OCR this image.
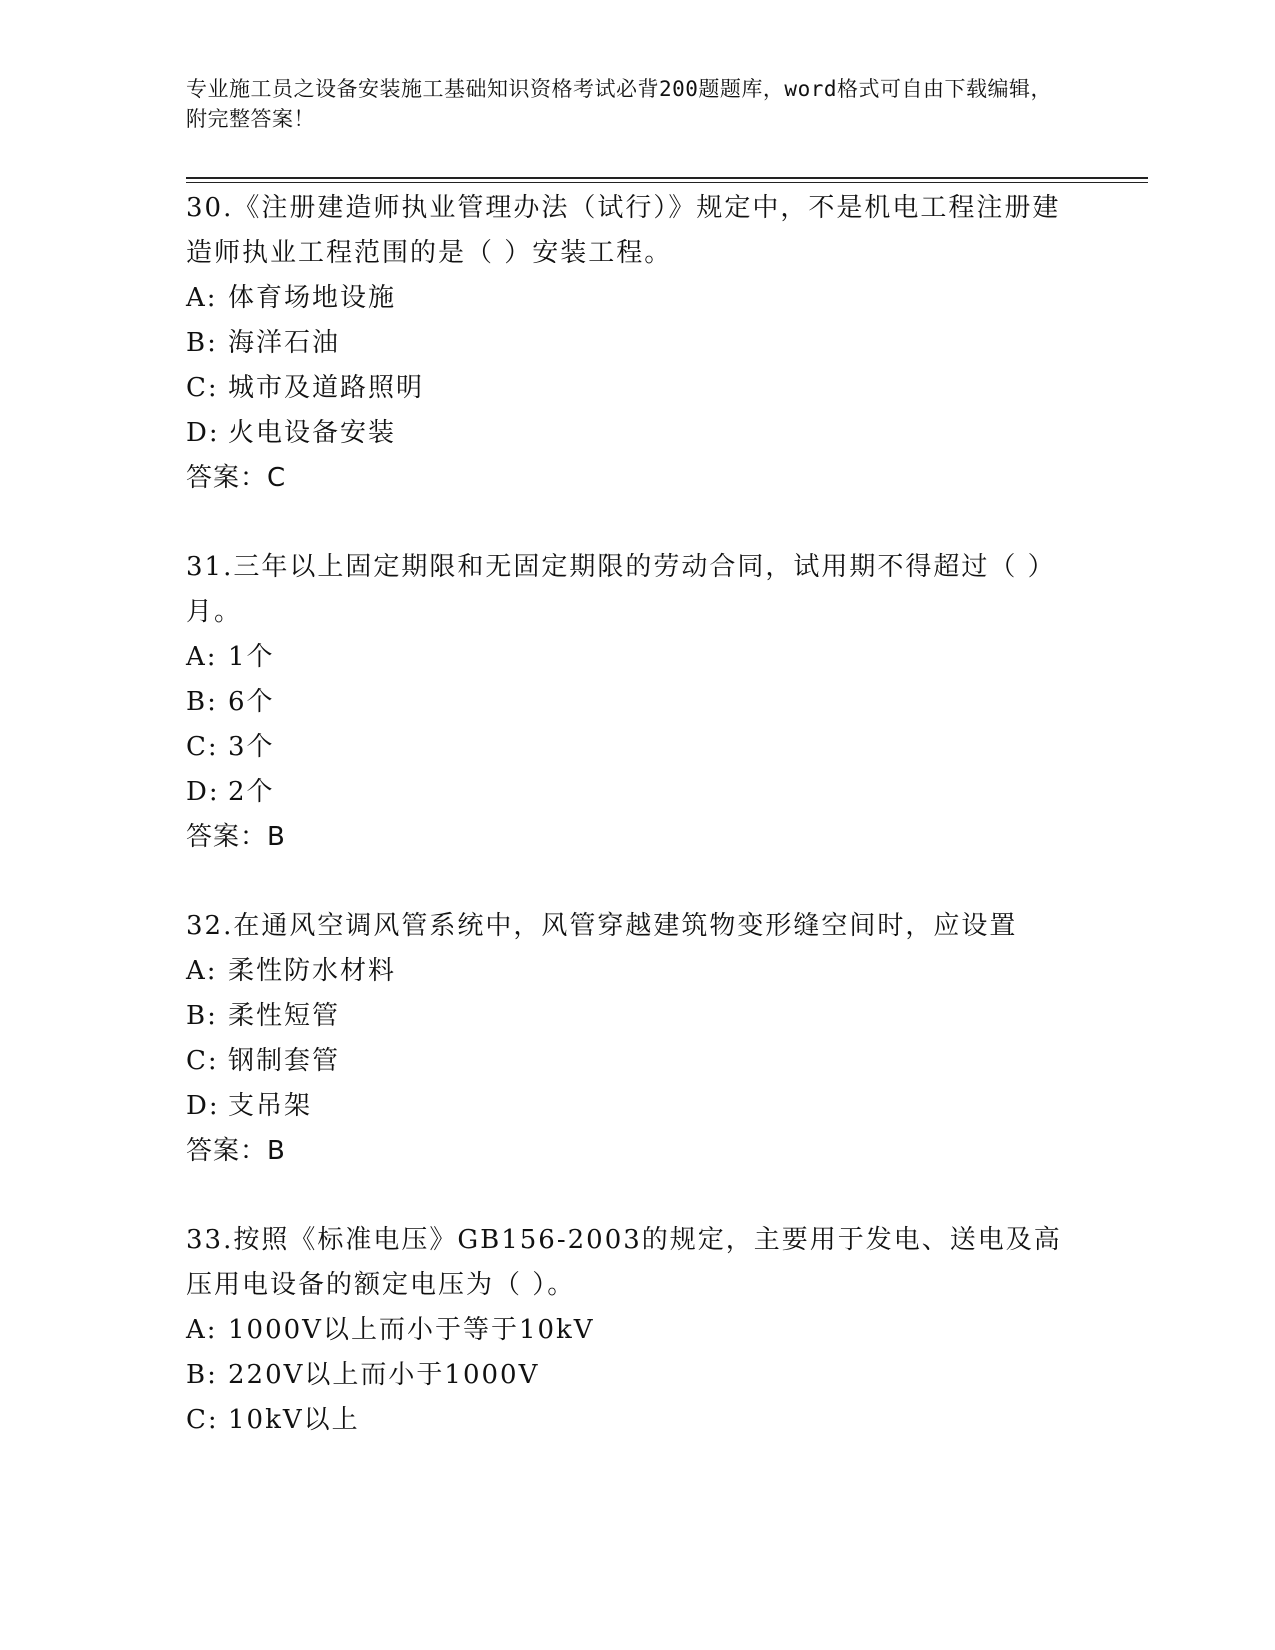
专业施工员之设备安装施工基础知识资格考试必背200题题库，word格式可自由下载编辑，附完整答案！

30.《注册建造师执业管理办法（试行）》规定中，不是机电工程注册建造师执业工程范围的是（ ）安装工程。

A: 体育场地设施
B: 海洋石油
C: 城市及道路照明
D: 火电设备安装
答案：C

31.三年以上固定期限和无固定期限的劳动合同，试用期不得超过（ ）月。

A: 1个
B: 6个
C: 3个
D: 2个
答案：B

32.在通风空调风管系统中，风管穿越建筑物变形缝空间时，应设置

A: 柔性防水材料
B: 柔性短管
C: 钢制套管
D: 支吊架
答案：B

33.按照《标准电压》GB156-2003的规定，主要用于发电、送电及高压用电设备的额定电压为（ ）。

A: 1000V以上而小于等于10kV
B: 220V以上而小于1000V
C: 10kV以上
